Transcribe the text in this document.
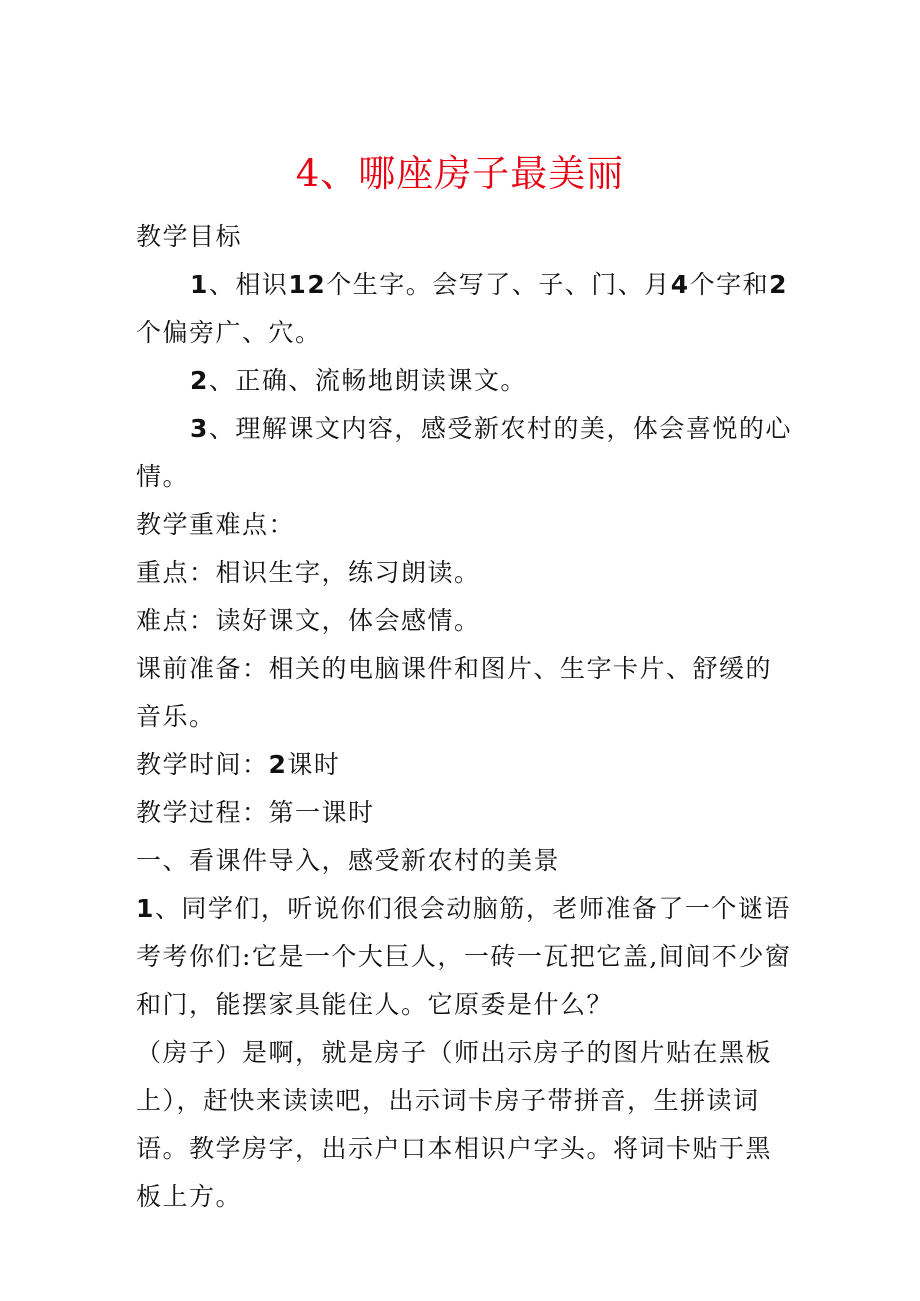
4、哪座房子最美丽

教学目标

1、相识12个生字。会写了、子、门、月4个字和2个偏旁广、穴。

2、正确、流畅地朗读课文。

3、理解课文内容，感受新农村的美，体会喜悦的心情。

教学重难点：

重点：相识生字，练习朗读。

难点：读好课文，体会感情。

课前准备：相关的电脑课件和图片、生字卡片、舒缓的音乐。

教学时间：2课时

教学过程：第一课时

一、看课件导入，感受新农村的美景

1、同学们，听说你们很会动脑筋，老师准备了一个谜语考考你们:它是一个大巨人，一砖一瓦把它盖,间间不少窗和门，能摆家具能住人。它原委是什么？

（房子）是啊，就是房子（师出示房子的图片贴在黑板上），赶快来读读吧，出示词卡房子带拼音，生拼读词语。教学房字，出示户口本相识户字头。将词卡贴于黑板上方。
